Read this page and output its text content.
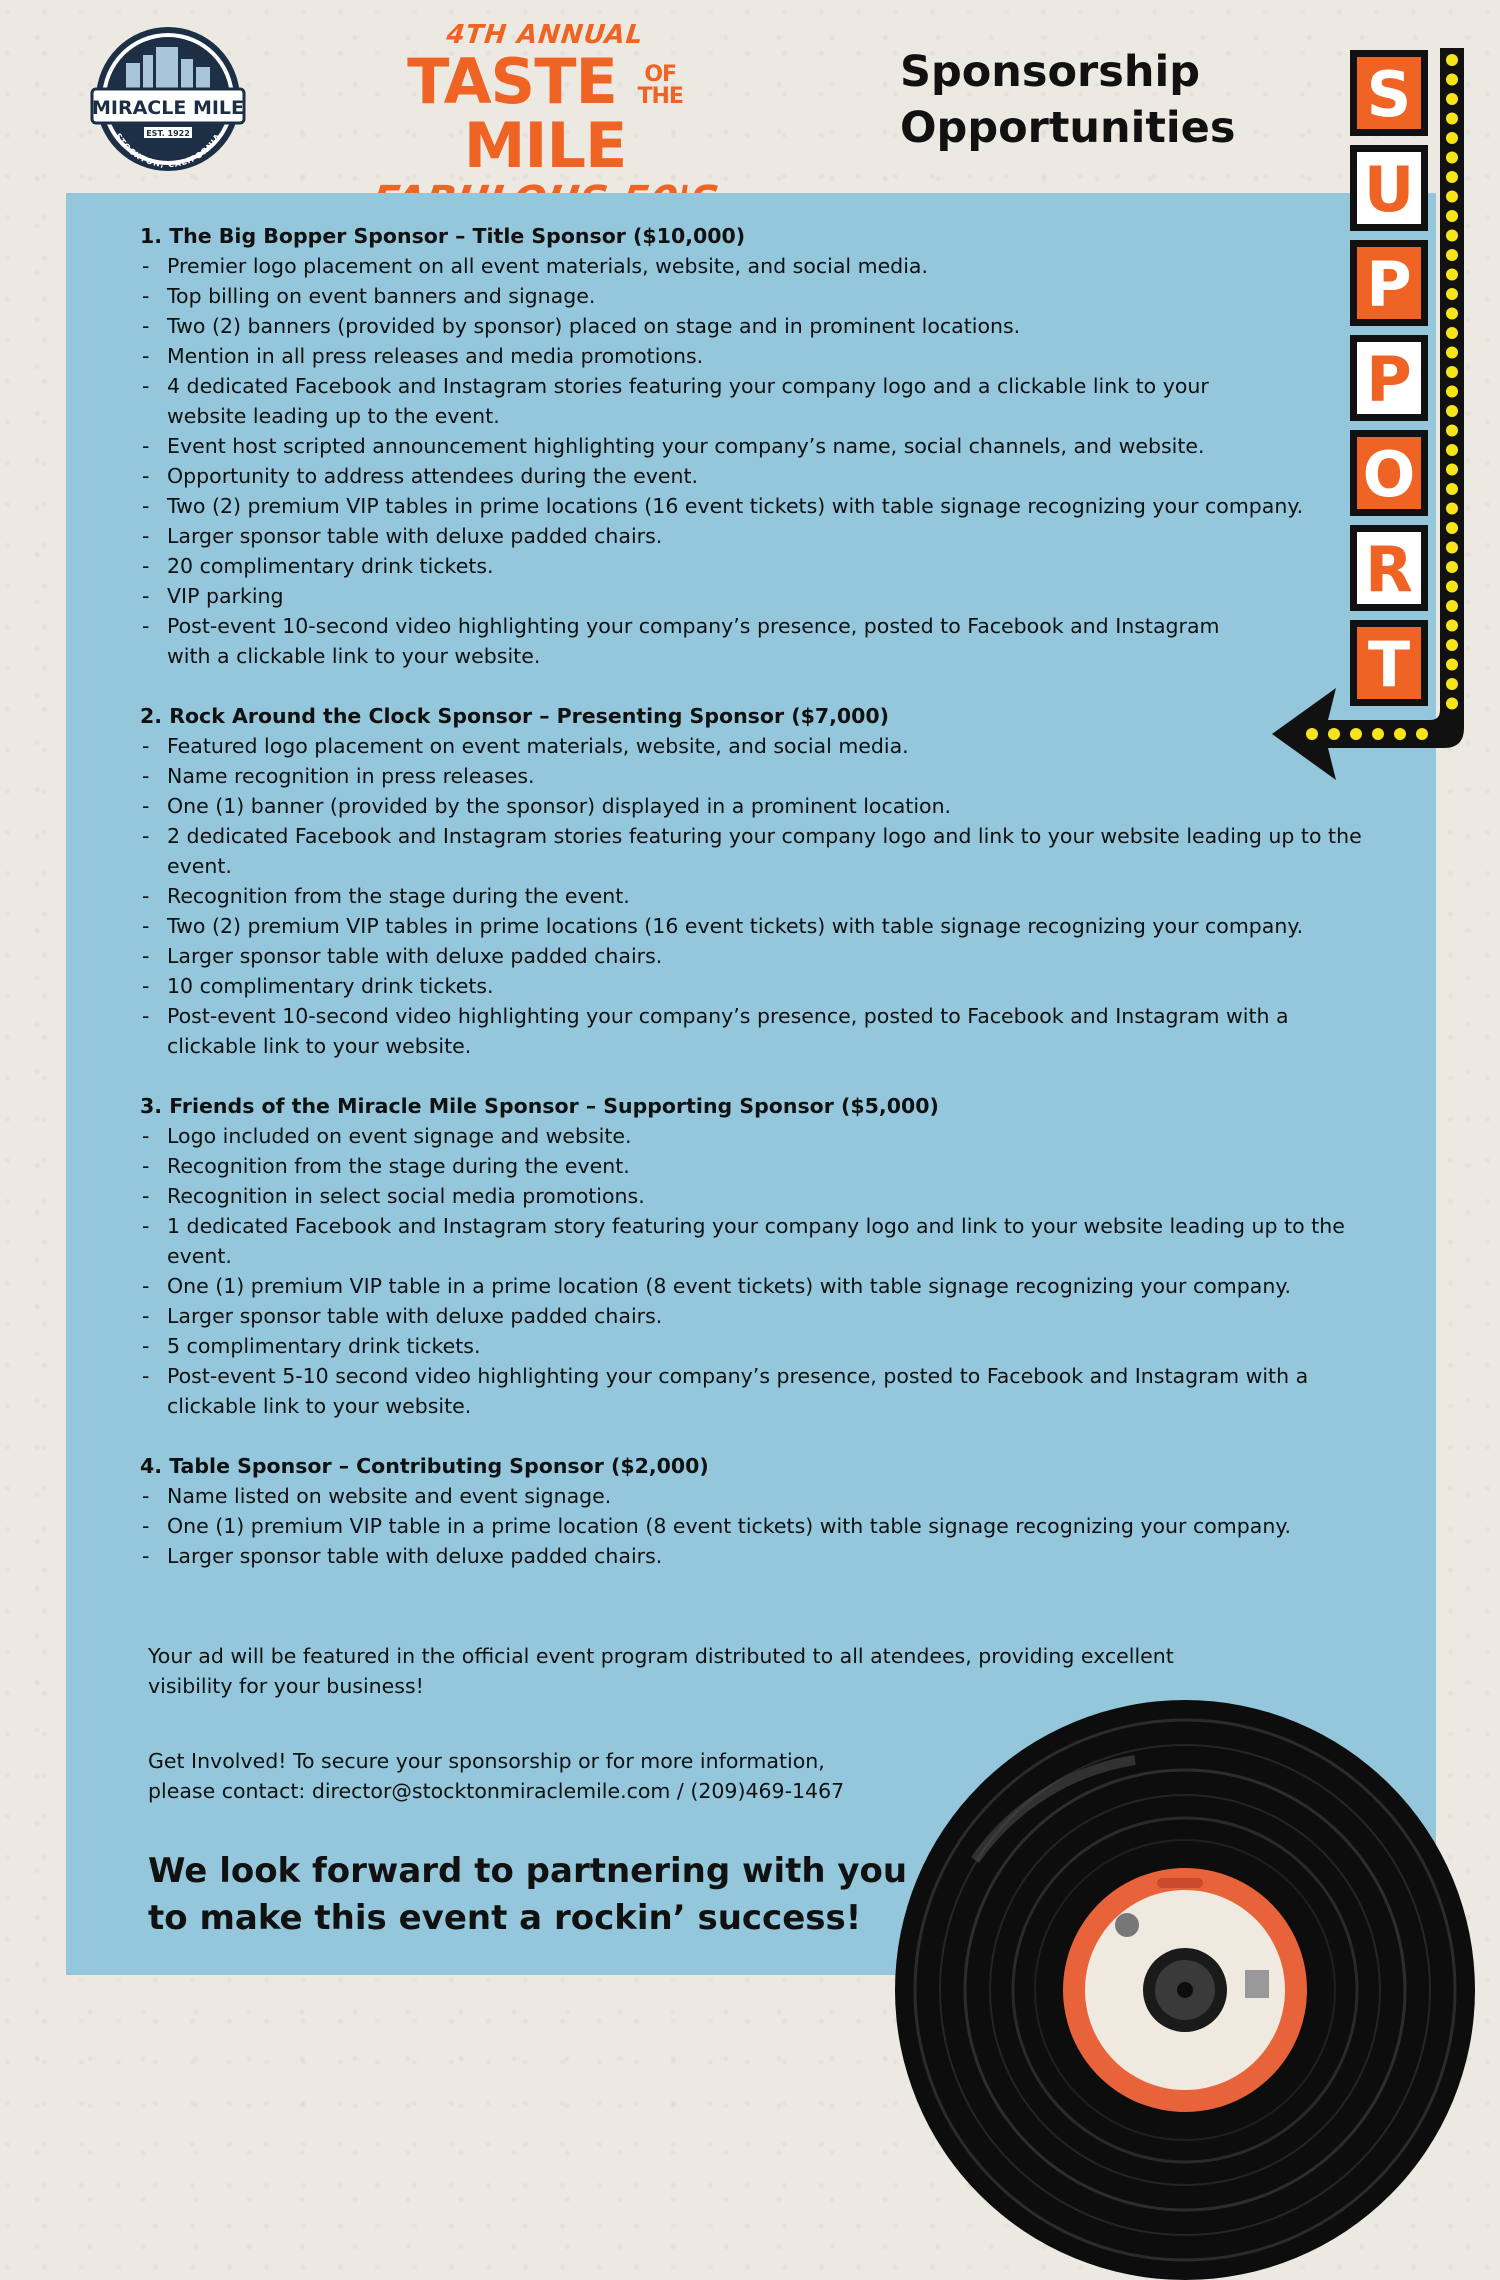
MIRACLE MILE
EST. 1922
STOCKTON, CALIFORNIA
4TH ANNUAL
TASTE OF
THE MILE
Sponsorship
Opportunities
1. The Big Bopper Sponsor – Title Sponsor ($10,000)
- Premier logo placement on all event materials, website, and social media.
- Top billing on event banners and signage.
- Two (2) banners (provided by sponsor) placed on stage and in prominent locations.
- Mention in all press releases and media promotions.
- 4 dedicated Facebook and Instagram stories featuring your company logo and a clickable link to your website leading up to the event.
- Event host scripted announcement highlighting your company’s name, social channels, and website.
- Opportunity to address attendees during the event.
- Two (2) premium VIP tables in prime locations (16 event tickets) with table signage recognizing your company.
- Larger sponsor table with deluxe padded chairs.
- 20 complimentary drink tickets.
- VIP parking
- Post-event 10-second video highlighting your company’s presence, posted to Facebook and Instagram with a clickable link to your website.
2. Rock Around the Clock Sponsor – Presenting Sponsor ($7,000)
- Featured logo placement on event materials, website, and social media.
- Name recognition in press releases.
- One (1) banner (provided by the sponsor) displayed in a prominent location.
- 2 dedicated Facebook and Instagram stories featuring your company logo and link to your website leading up to the event.
- Recognition from the stage during the event.
- Two (2) premium VIP tables in prime locations (16 event tickets) with table signage recognizing your company.
- Larger sponsor table with deluxe padded chairs.
- 10 complimentary drink tickets.
- Post-event 10-second video highlighting your company’s presence, posted to Facebook and Instagram with a clickable link to your website.
3. Friends of the Miracle Mile Sponsor – Supporting Sponsor ($5,000)
- Logo included on event signage and website.
- Recognition from the stage during the event.
- Recognition in select social media promotions.
- 1 dedicated Facebook and Instagram story featuring your company logo and link to your website leading up to the event.
- One (1) premium VIP table in a prime location (8 event tickets) with table signage recognizing your company.
- Larger sponsor table with deluxe padded chairs.
- 5 complimentary drink tickets.
- Post-event 5-10 second video highlighting your company’s presence, posted to Facebook and Instagram with a clickable link to your website.
4. Table Sponsor – Contributing Sponsor ($2,000)
- Name listed on website and event signage.
- One (1) premium VIP table in a prime location (8 event tickets) with table signage recognizing your company.
- Larger sponsor table with deluxe padded chairs.
Your ad will be featured in the official event program distributed to all atendees, providing excellent
visibility for your business!
Get Involved! To secure your sponsorship or for more information,
please contact: director@stocktonmiraclemile.com / (209)469-1467
We look forward to partnering with you
to make this event a rockin’ success!
S
U
P
P
O
R
T
